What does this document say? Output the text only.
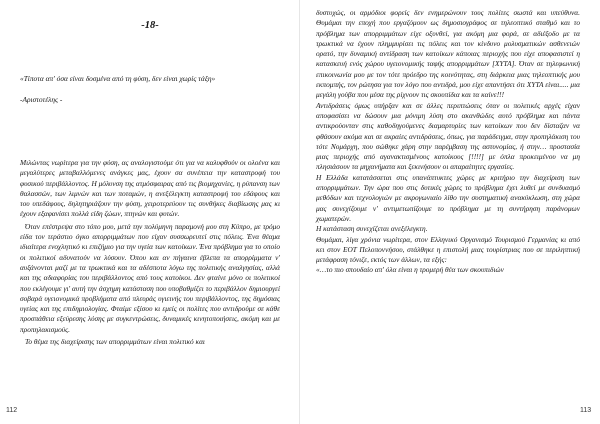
-18-
«Τίποτα απ' όσα είναι δοσμένα από τη φύση, δεν είναι χωρίς τάξη»
-Αριστοτέλης -

Μιλώντας νωρίτερα για την φύση, ας αναλογιστούμε ότι για να καλυφθούν οι ολοένα και μεγαλύτερες μεταβαλλόμενες ανάγκες μας, έχουν σα συνέπεια την καταστροφή του φυσικού περιβάλλοντος. Η μόλυνση της ατμόσφαιρας από τις βιομηχανίες, η ρύπανση των θαλασσών, των λιμνών και των ποταμών, η ανεξέλεγκτη καταστροφή του εδάφους και του υπεδάφους, δηλητηριάζουν την φύση, χειροτερεύουν τις συνθήκες διαβίωσης μας κι έχουν εξαφανίσει πολλά είδη ζώων, πτηνών και φυτών.

Όταν επέστρεψα στο τόπο μου, μετά την πολύμηνη παραμονή μου στη Κύπρο, με τρόμο είδα τον τεράστιο όγκο απορριμμάτων που είχαν συσσωρευτεί στις πόλεις. Ένα θέαμα ιδιαίτερα ενοχλητικό κι επιζήμιο για την υγεία των κατοίκων. Ένα πρόβλημα για το οποίο οι πολιτικοί αδυνατούν να λύσουν. Όπου και αν πήγαινα έβλεπα τα απορρίμματα ν' αυξάνονται μαζί με τα τρωκτικά και τα αδέσποτα λόγω της πολιτικής αναλγησίας, αλλά και της αδιαφορίας του περιβάλλοντος από τους κατοίκοι. Δεν φταίνε μόνο οι πολιτικοί που εκλέγουμε γι' αυτή την άσχημη κατάσταση που υποβαθμίζει το περιβάλλον δημιουργεί σοβαρά υγειονομικά προβλήματα από πλευράς υγιεινής του περιβάλλοντος, της δημόσιας υγείας και της επιδημιολογίας. Φταίμε εξίσου κι εμείς οι πολίτες που αντιδρούμε σε κάθε προσπάθεια εξεύρεσης λύσης με συγκεντρώσεις, δυναμικές κινητοποιήσεις, ακόμη και με προπηλακισμούς.

Το θέμα της διαχείρισης των απορριμμάτων είναι πολιτικό και

112

δυστυχώς, οι αρμόδιοι φορείς δεν ενημερώνουν τους πολίτες σωστά και υπεύθυνα. Θυμάμαι την εποχή που εργαζόμουν ως δημοσιογράφος σε τηλεοπτικό σταθμό και το πρόβλημα των απορριμμάτων είχε οξυνθεί, για ακόμη μια φορά, σε αδιέξοδο με τα τρωκτικά να έχουν πλημμυρίσει τις πόλεις και τον κίνδυνο μολυσματικών ασθενειών ορατό, την δυναμική αντίδραση των κατοίκων κάποιας περιοχής που είχε αποφασιστεί η κατασκευή ενός χώρου υγειονομικής ταφής απορριμμάτων [ΧΥΤΑ]. Όταν σε τηλεφωνική επικοινωνία μου με τον τότε πρόεδρο της κοινότητας, στη διάρκεια μιας τηλεοπτικής μου εκπομπής, τον ρώτησα για τον λόγο που αντιδρά, μου είχε απαντήσει ότι ΧΥΤΑ είναι..... μια μεγάλη γούβα που μέσα της ρίχνουν τις σκουπίδια και τα καίνε!!!

Αντιδράσεις όμως υπήρξαν και σε άλλες περιπτώσεις όταν οι πολιτικές αρχές είχαν αποφασίσει να δώσουν μια μόνιμη λύση στο ακανθώδες αυτό πρόβλημα και πάντα αντικρούονταν στις καθοδηγούμενες διαμαρτυρίες των κατοίκων που δεν δίσταζαν να φθάσουν ακόμα και σε ακραίες αντιδράσεις, όπως, για παράδειγμα, στην προπηλάκιση του τότε Νομάρχη, που σώθηκε χάρη στην παρέμβαση της αστυνομίας, ή στην… προστασία μιας περιοχής από αγανακτισμένους κατοίκους [!!!!] με όπλα προκειμένου να μη πλησιάσουν τα μηχανήματα και ξεκινήσουν οι απαραίτητες εργασίες.

Η Ελλάδα κατατάσσεται στις υπανάπτυκτες χώρες με κριτήριο την διαχείριση των απορριμμάτων. Την ώρα που στις δυτικές χώρες το πρόβλημα έχει λυθεί με συνδυασμό μεθόδων και τεχνολογιών με ακρογωνιαίο λίθο την συστηματική ανακύκλωση, στη χώρα μας συνεχίζουμε ν' αντιμετωπίζουμε το πρόβλημα με τη συντήρηση παράνομων χωματερών.

Η κατάσταση συνεχίζεται ανεξέλεγκτη.

Θυμάμαι, λίγα χρόνια νωρίτερα, στον Ελληνικό Οργανισμό Τουρισμού Γερμανίας κι από κει στον ΕΟΤ Πελοποννήσου, στάλθηκε η επιστολή μιας τουρίστριας που σε περιληπτική μετάφραση τόνιζε, εκτός των άλλων, τα εξής:

«…το πιο σπουδαίο απ' όλα είναι η τρομερή θέα των σκουπιδιών

113
